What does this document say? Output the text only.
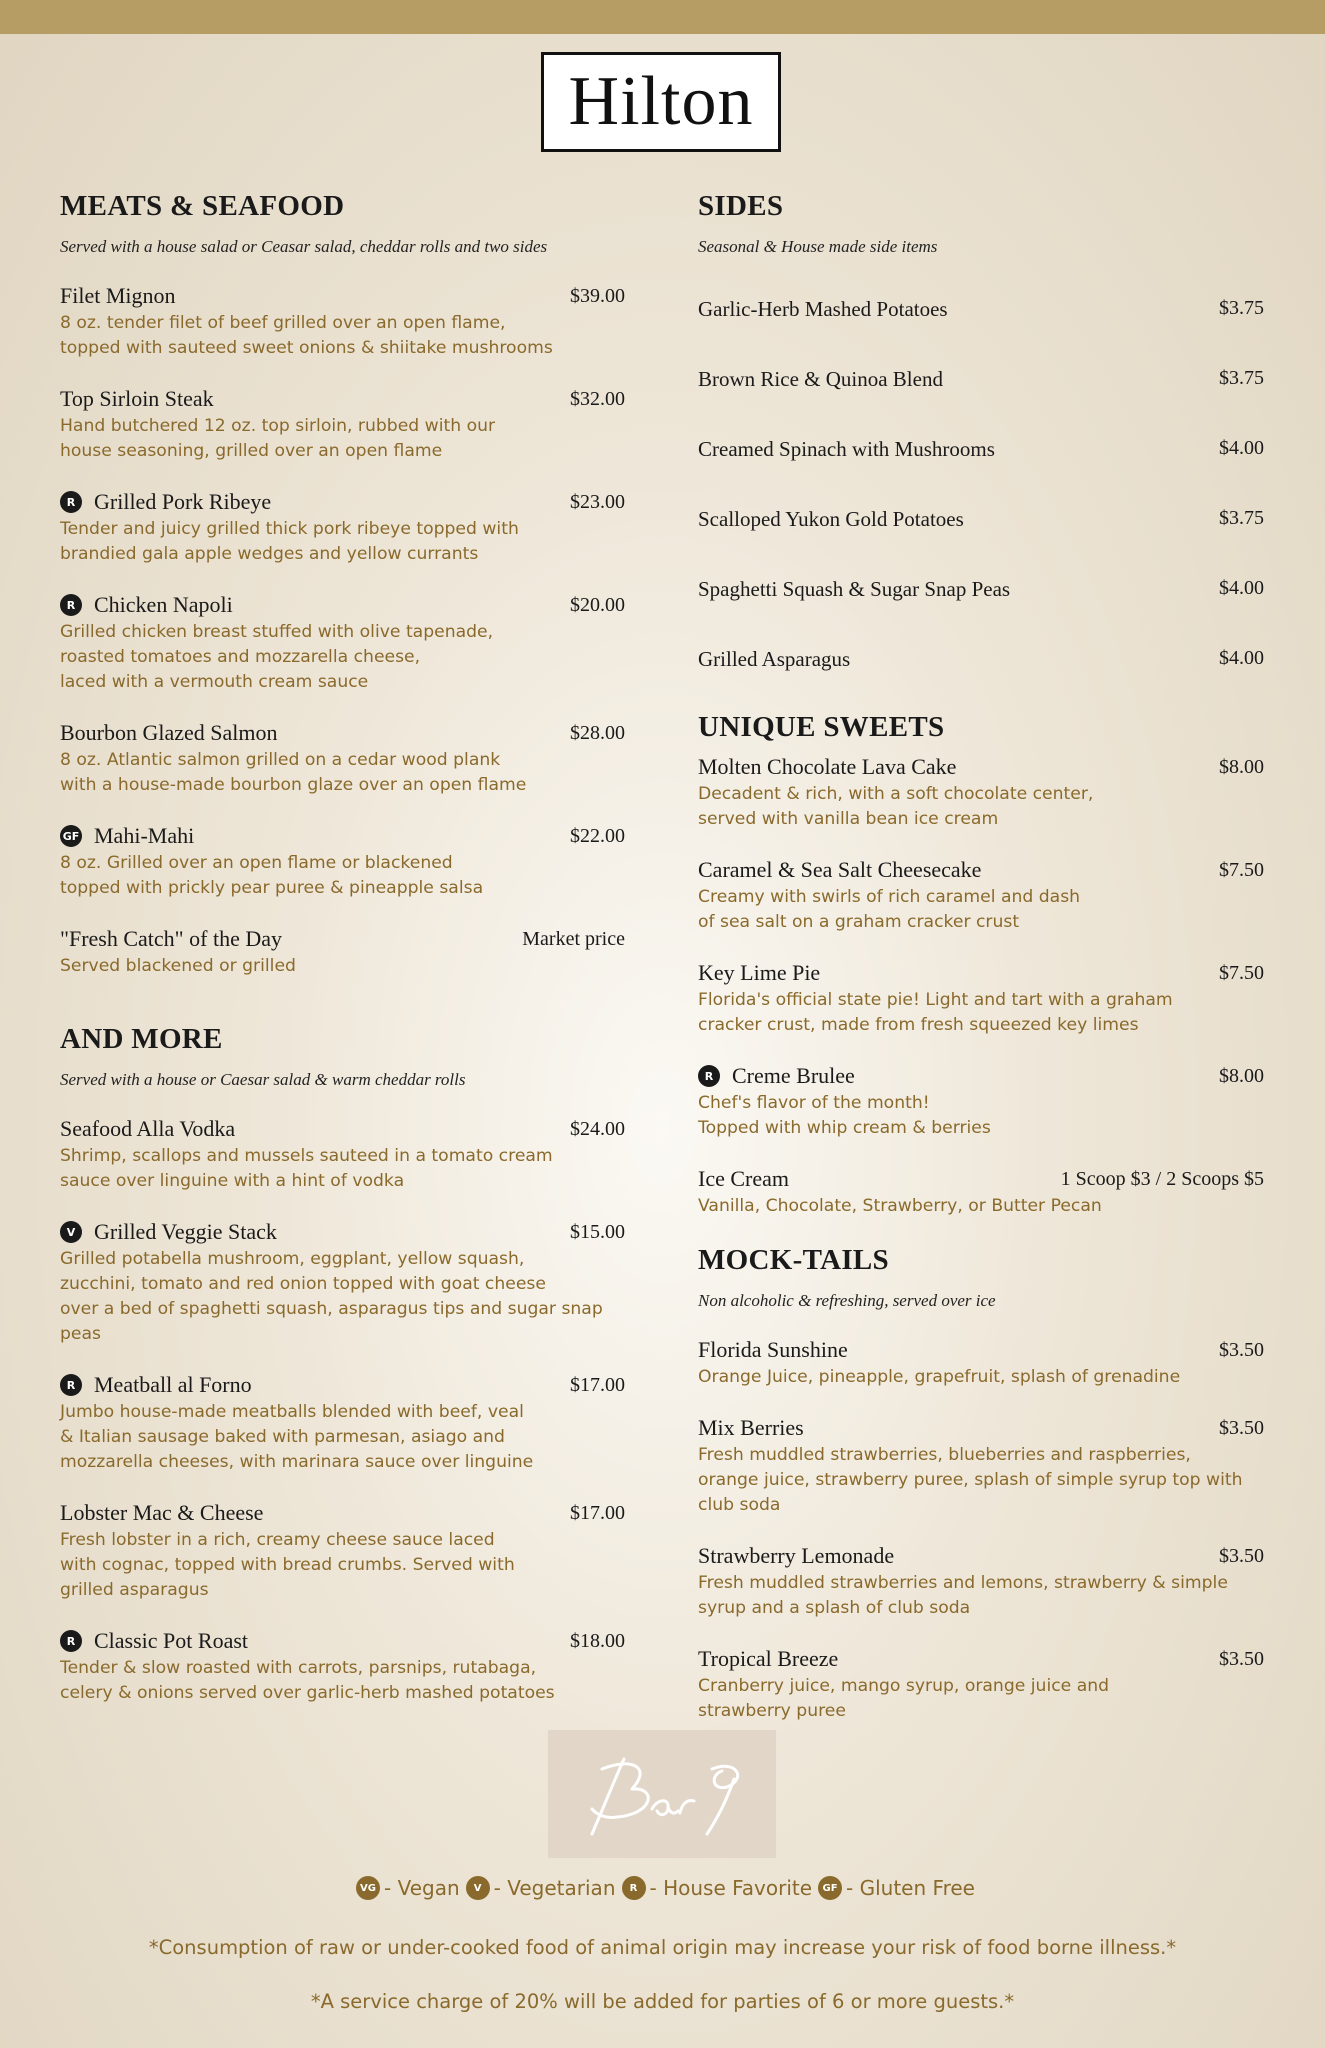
Hilton
MEATS & SEAFOOD
Served with a house salad or Ceasar salad, cheddar rolls and two sides
Filet Mignon	$39.00
8 oz. tender filet of beef grilled over an open flame,
topped with sauteed sweet onions & shiitake mushrooms
Top Sirloin Steak	$32.00
Hand butchered 12 oz. top sirloin, rubbed with our
house seasoning, grilled over an open flame
R Grilled Pork Ribeye	$23.00
Tender and juicy grilled thick pork ribeye topped with
brandied gala apple wedges and yellow currants
R Chicken Napoli	$20.00
Grilled chicken breast stuffed with olive tapenade,
roasted tomatoes and mozzarella cheese,
laced with a vermouth cream sauce
Bourbon Glazed Salmon	$28.00
8 oz. Atlantic salmon grilled on a cedar wood plank
with a house-made bourbon glaze over an open flame
GF Mahi-Mahi	$22.00
8 oz. Grilled over an open flame or blackened
topped with prickly pear puree & pineapple salsa
"Fresh Catch" of the Day	Market price
Served blackened or grilled
AND MORE
Served with a house or Caesar salad & warm cheddar rolls
Seafood Alla Vodka	$24.00
Shrimp, scallops and mussels sauteed in a tomato cream
sauce over linguine with a hint of vodka
V Grilled Veggie Stack	$15.00
Grilled potabella mushroom, eggplant, yellow squash,
zucchini, tomato and red onion topped with goat cheese
over a bed of spaghetti squash, asparagus tips and sugar snap
peas
R Meatball al Forno	$17.00
Jumbo house-made meatballs blended with beef, veal
& Italian sausage baked with parmesan, asiago and
mozzarella cheeses, with marinara sauce over linguine
Lobster Mac & Cheese	$17.00
Fresh lobster in a rich, creamy cheese sauce laced
with cognac, topped with bread crumbs. Served with
grilled asparagus
R Classic Pot Roast	$18.00
Tender & slow roasted with carrots, parsnips, rutabaga,
celery & onions served over garlic-herb mashed potatoes
SIDES
Seasonal & House made side items
Garlic-Herb Mashed Potatoes	$3.75
Brown Rice & Quinoa Blend	$3.75
Creamed Spinach with Mushrooms	$4.00
Scalloped Yukon Gold Potatoes	$3.75
Spaghetti Squash & Sugar Snap Peas	$4.00
Grilled Asparagus	$4.00
UNIQUE SWEETS
Molten Chocolate Lava Cake	$8.00
Decadent & rich, with a soft chocolate center,
served with vanilla bean ice cream
Caramel & Sea Salt Cheesecake	$7.50
Creamy with swirls of rich caramel and dash
of sea salt on a graham cracker crust
Key Lime Pie	$7.50
Florida's official state pie! Light and tart with a graham
cracker crust, made from fresh squeezed key limes
R Creme Brulee	$8.00
Chef's flavor of the month!
Topped with whip cream & berries
Ice Cream	1 Scoop $3 / 2 Scoops $5
Vanilla, Chocolate, Strawberry, or Butter Pecan
MOCK-TAILS
Non alcoholic & refreshing, served over ice
Florida Sunshine	$3.50
Orange Juice, pineapple, grapefruit, splash of grenadine
Mix Berries	$3.50
Fresh muddled strawberries, blueberries and raspberries,
orange juice, strawberry puree, splash of simple syrup top with
club soda
Strawberry Lemonade	$3.50
Fresh muddled strawberries and lemons, strawberry & simple
syrup and a splash of club soda
Tropical Breeze	$3.50
Cranberry juice, mango syrup, orange juice and
strawberry puree
VG - Vegan	V - Vegetarian	R - House Favorite	GF - Gluten Free
*Consumption of raw or under-cooked food of animal origin may increase your risk of food borne illness.*
*A service charge of 20% will be added for parties of 6 or more guests.*
